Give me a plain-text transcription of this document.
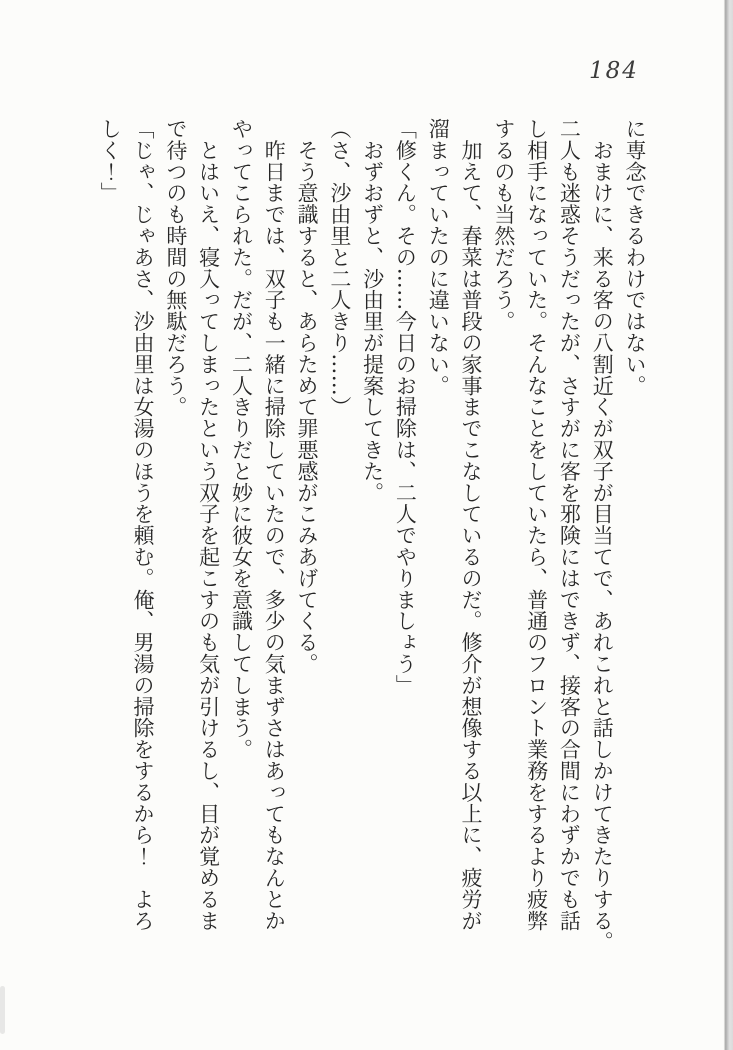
184
に専念できるわけではない。
　おまけに、来る客の八割近くが双子が目当てで、あれこれと話しかけてきたりする。
二人も迷惑そうだったが、さすがに客を邪険にはできず、接客の合間にわずかでも話
し相手になっていた。そんなことをしていたら、普通のフロント業務をするより疲弊
するのも当然だろう。
　加えて、春菜は普段の家事までこなしているのだ。修介が想像する以上に、疲労が
溜まっていたのに違いない。
「修くん。その……今日のお掃除は、二人でやりましょう」
　おずおずと、沙由里が提案してきた。
（さ、沙由里と二人きり……）
　そう意識すると、あらためて罪悪感がこみあげてくる。
　昨日までは、双子も一緒に掃除していたので、多少の気まずさはあってもなんとか
やってこられた。だが、二人きりだと妙に彼女を意識してしまう。
　とはいえ、寝入ってしまったという双子を起こすのも気が引けるし、目が覚めるま
で待つのも時間の無駄だろう。
「じゃ、じゃあさ、沙由里は女湯のほうを頼む。俺、男湯の掃除をするから！　よろ
しく！」
